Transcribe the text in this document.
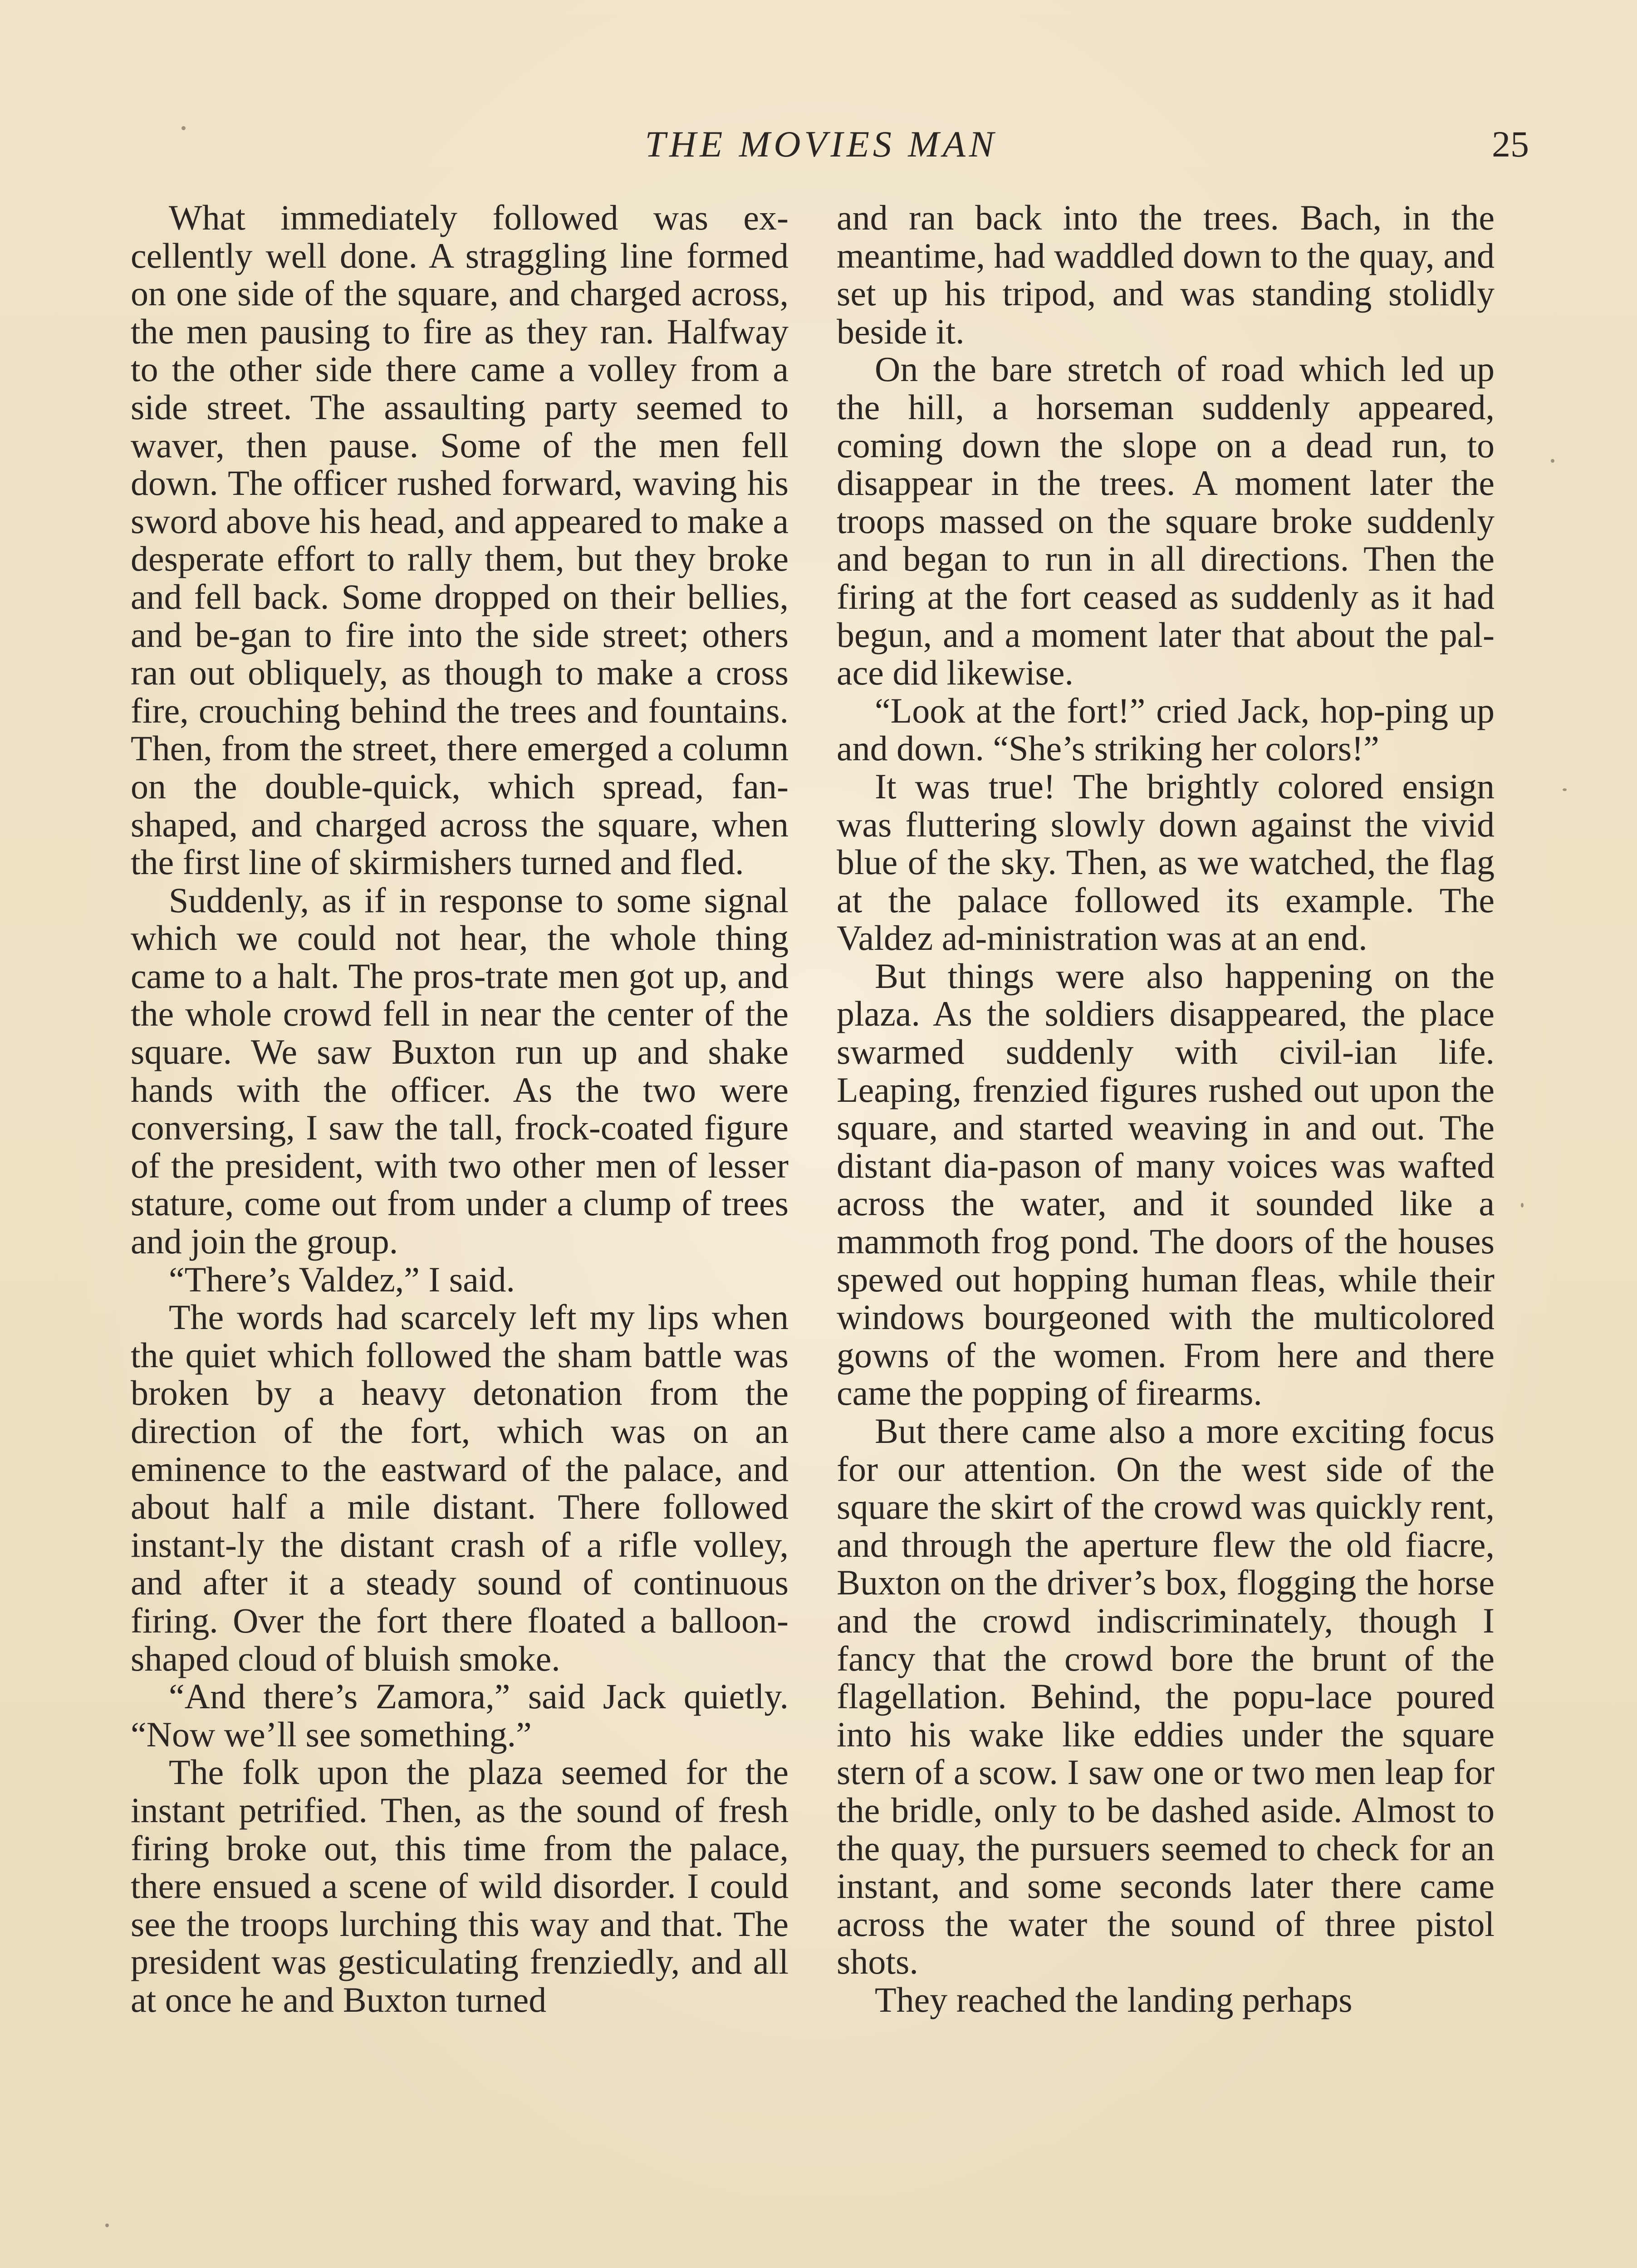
THE MOVIES MAN	25

What immediately followed was ex-cellently well done. A straggling line formed on one side of the square, and charged across, the men pausing to fire as they ran. Halfway to the other side there came a volley from a side street. The assaulting party seemed to waver, then pause. Some of the men fell down. The officer rushed forward, waving his sword above his head, and appeared to make a desperate effort to rally them, but they broke and fell back. Some dropped on their bellies, and be-gan to fire into the side street; others ran out obliquely, as though to make a cross fire, crouching behind the trees and fountains. Then, from the street, there emerged a column on the double-quick, which spread, fan-shaped, and charged across the square, when the first line of skirmishers turned and fled.

Suddenly, as if in response to some signal which we could not hear, the whole thing came to a halt. The pros-trate men got up, and the whole crowd fell in near the center of the square. We saw Buxton run up and shake hands with the officer. As the two were conversing, I saw the tall, frock-coated figure of the president, with two other men of lesser stature, come out from under a clump of trees and join the group.

“There’s Valdez,” I said.

The words had scarcely left my lips when the quiet which followed the sham battle was broken by a heavy detonation from the direction of the fort, which was on an eminence to the eastward of the palace, and about half a mile distant. There followed instant-ly the distant crash of a rifle volley, and after it a steady sound of continuous firing. Over the fort there floated a balloon-shaped cloud of bluish smoke.

“And there’s Zamora,” said Jack quietly. “Now we’ll see something.”

The folk upon the plaza seemed for the instant petrified. Then, as the sound of fresh firing broke out, this time from the palace, there ensued a scene of wild disorder. I could see the troops lurching this way and that. The president was gesticulating frenziedly, and all at once he and Buxton turned

and ran back into the trees. Bach, in the meantime, had waddled down to the quay, and set up his tripod, and was standing stolidly beside it.

On the bare stretch of road which led up the hill, a horseman suddenly appeared, coming down the slope on a dead run, to disappear in the trees. A moment later the troops massed on the square broke suddenly and began to run in all directions. Then the firing at the fort ceased as suddenly as it had begun, and a moment later that about the pal-ace did likewise.

“Look at the fort!” cried Jack, hop-ping up and down. “She’s striking her colors!”

It was true! The brightly colored ensign was fluttering slowly down against the vivid blue of the sky. Then, as we watched, the flag at the palace followed its example. The Valdez ad-ministration was at an end.

But things were also happening on the plaza. As the soldiers disappeared, the place swarmed suddenly with civil-ian life. Leaping, frenzied figures rushed out upon the square, and started weaving in and out. The distant dia-pason of many voices was wafted across the water, and it sounded like a mammoth frog pond. The doors of the houses spewed out hopping human fleas, while their windows bourgeoned with the multicolored gowns of the women. From here and there came the popping of firearms.

But there came also a more exciting focus for our attention. On the west side of the square the skirt of the crowd was quickly rent, and through the aperture flew the old fiacre, Buxton on the driver’s box, flogging the horse and the crowd indiscriminately, though I fancy that the crowd bore the brunt of the flagellation. Behind, the popu-lace poured into his wake like eddies under the square stern of a scow. I saw one or two men leap for the bridle, only to be dashed aside. Almost to the quay, the pursuers seemed to check for an instant, and some seconds later there came across the water the sound of three pistol shots.

They reached the landing perhaps
